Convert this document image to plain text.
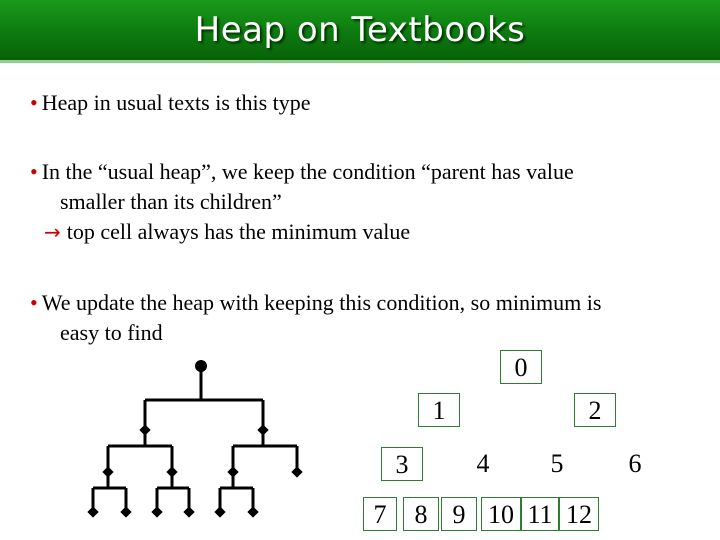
Heap on Textbooks
• Heap in usual texts is this type
• In the “usual heap”, we keep the condition “parent has value
smaller than its children”
→ top cell always has the minimum value
• We update the heap with keeping this condition, so minimum is
easy to find
0
1	2
3	4	5	6
7	8 9 10 11 12
